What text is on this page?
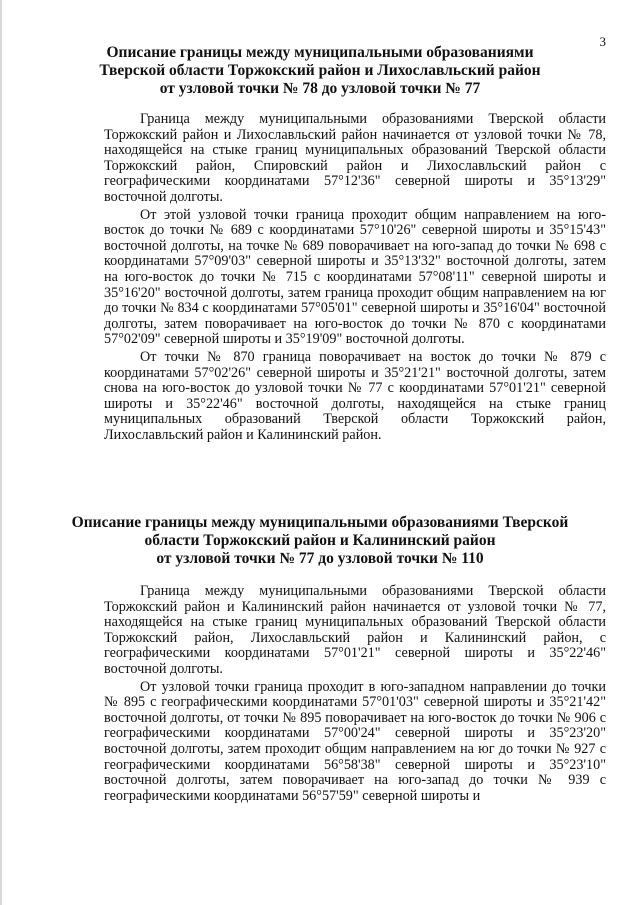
3
Описание границы между муниципальными образованиями
Тверской области Торжокский район и Лихославльский район
от узловой точки № 78 до узловой точки № 77

Граница между муниципальными образованиями Тверской области Торжокский район и Лихославльский район начинается от узловой точки № 78, находящейся на стыке границ муниципальных образований Тверской области Торжокский район, Спировский район и Лихославльский район с географическими координатами 57°12'36" северной широты и 35°13'29" восточной долготы.

От этой узловой точки граница проходит общим направлением на юго-восток до точки № 689 с координатами 57°10'26" северной широты и 35°15'43" восточной долготы, на точке № 689 поворачивает на юго-запад до точки № 698 с координатами 57°09'03" северной широты и 35°13'32" восточной долготы, затем на юго-восток до точки № 715 с координатами 57°08'11" северной широты и 35°16'20" восточной долготы, затем граница проходит общим направлением на юг до точки № 834 с координатами 57°05'01" северной широты и 35°16'04" восточной долготы, затем поворачивает на юго-восток до точки № 870 с координатами 57°02'09" северной широты и 35°19'09" восточной долготы.

От точки № 870 граница поворачивает на восток до точки № 879 с координатами 57°02'26" северной широты и 35°21'21" восточной долготы, затем снова на юго-восток до узловой точки № 77 с координатами 57°01'21" северной широты и 35°22'46" восточной долготы, находящейся на стыке границ муниципальных образований Тверской области Торжокский район, Лихославльский район и Калининский район.

Описание границы между муниципальными образованиями Тверской
области Торжокский район и Калининский район
от узловой точки № 77 до узловой точки № 110

Граница между муниципальными образованиями Тверской области Торжокский район и Калининский район начинается от узловой точки № 77, находящейся на стыке границ муниципальных образований Тверской области Торжокский район, Лихославльский район и Калининский район, с географическими координатами 57°01'21" северной широты и 35°22'46" восточной долготы.

От узловой точки граница проходит в юго-западном направлении до точки № 895 с географическими координатами 57°01'03" северной широты и 35°21'42" восточной долготы, от точки № 895 поворачивает на юго-восток до точки № 906 с географическими координатами 57°00'24" северной широты и 35°23'20" восточной долготы, затем проходит общим направлением на юг до точки № 927 с географическими координатами 56°58'38" северной широты и 35°23'10" восточной долготы, затем поворачивает на юго-запад до точки № 939 с географическими координатами 56°57'59" северной широты и
